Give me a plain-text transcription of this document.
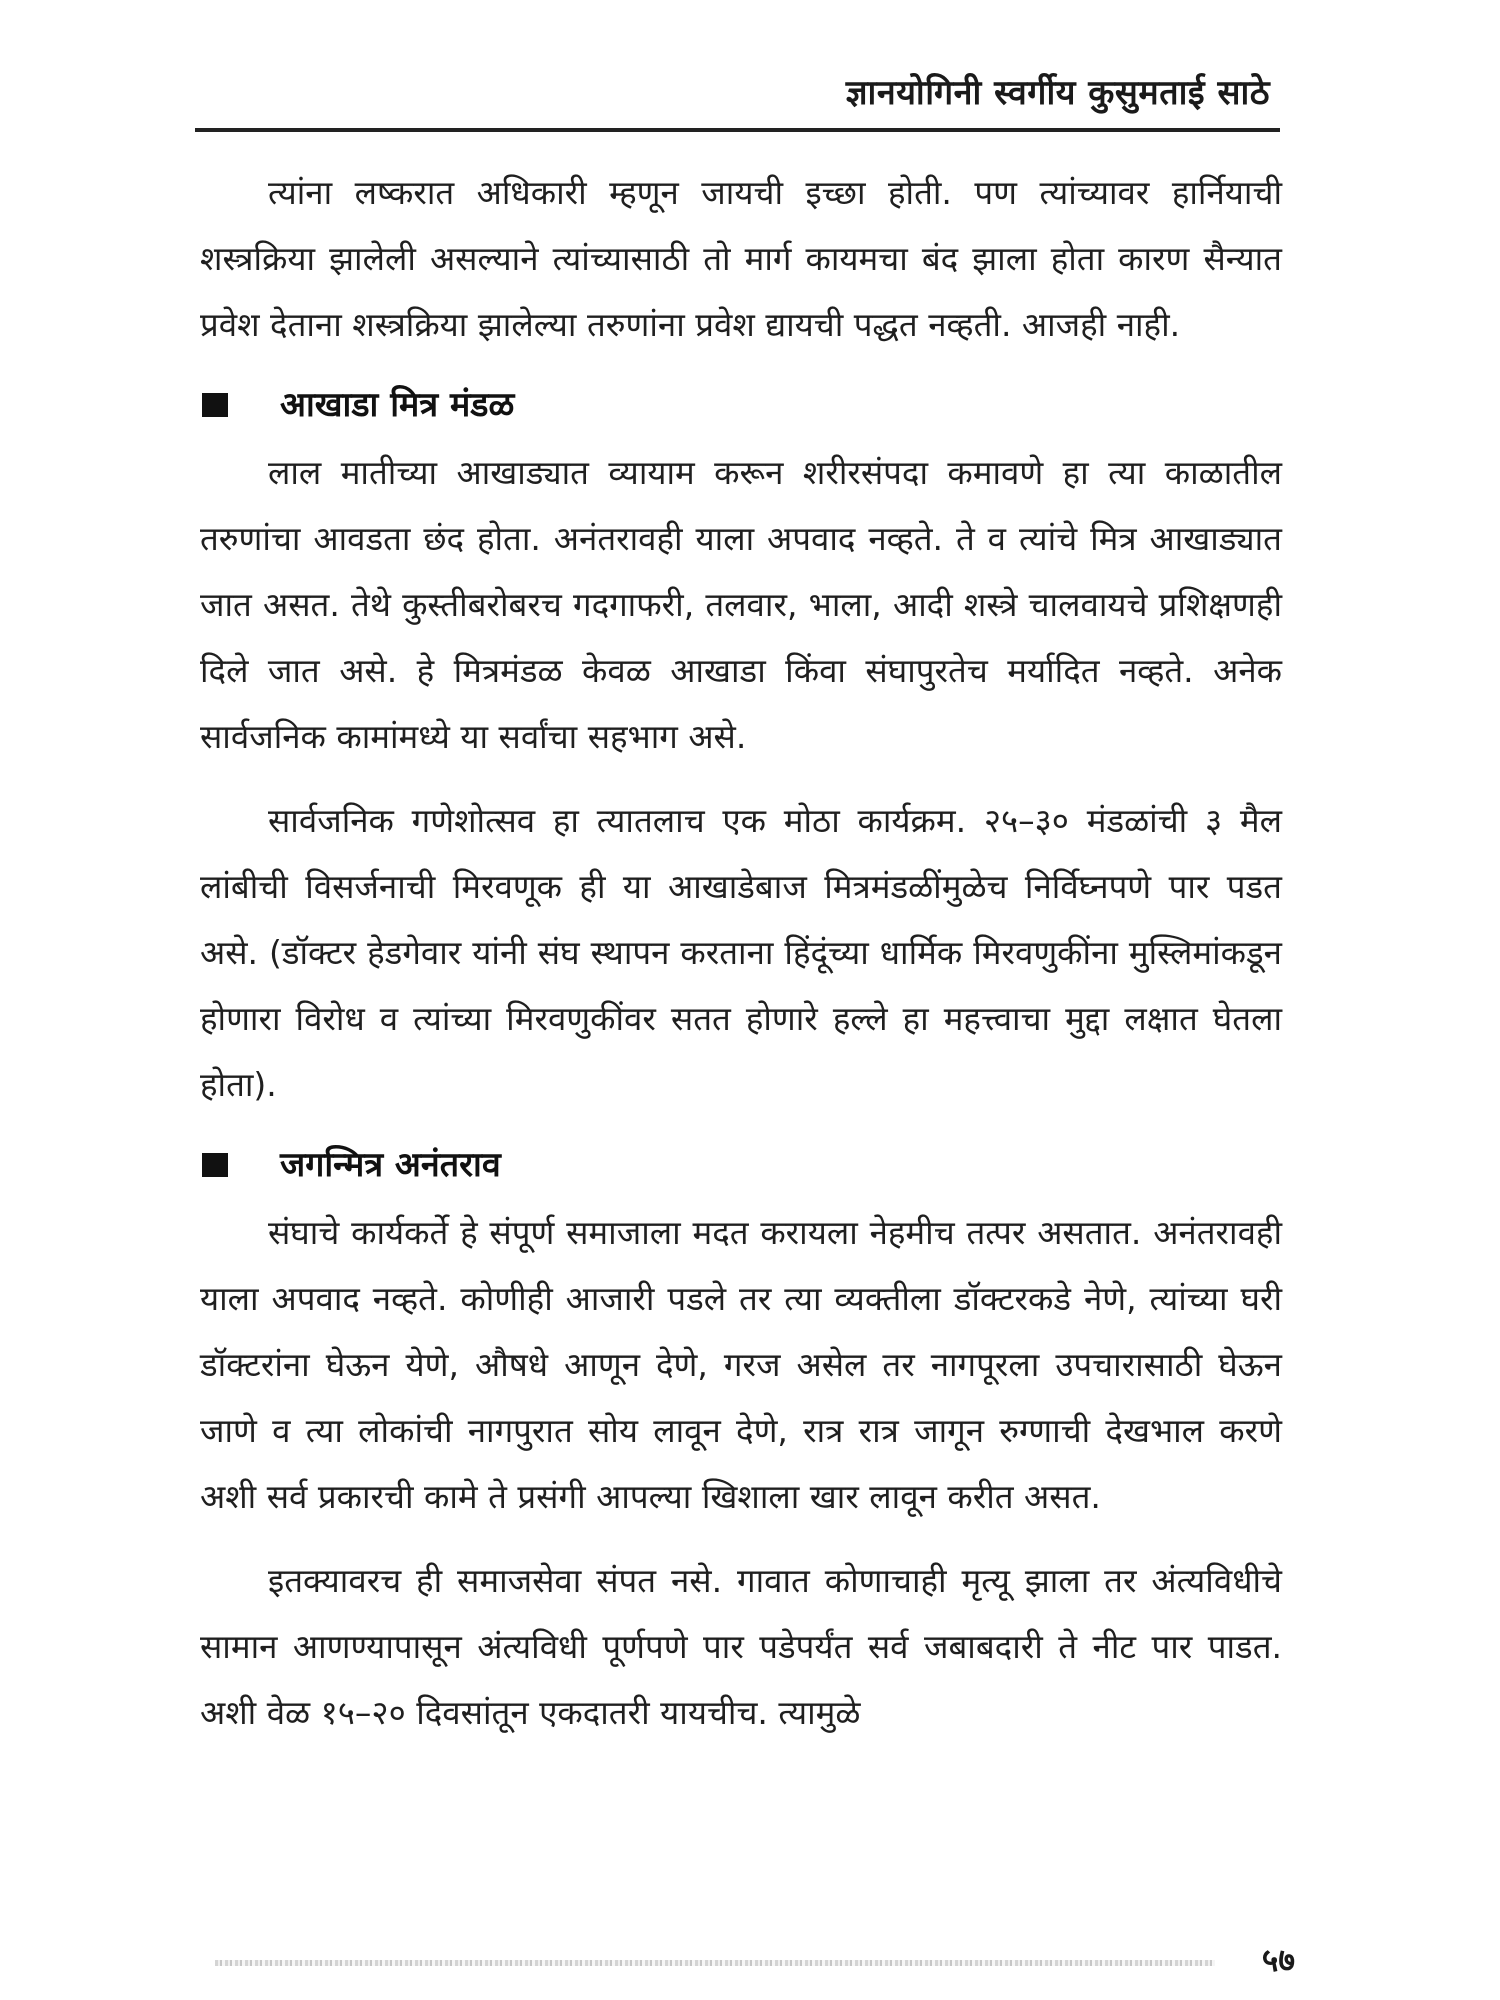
ज्ञानयोगिनी स्वर्गीय कुसुमताई साठे

त्यांना लष्करात अधिकारी म्हणून जायची इच्छा होती. पण त्यांच्यावर हार्नियाची शस्त्रक्रिया झालेली असल्याने त्यांच्यासाठी तो मार्ग कायमचा बंद झाला होता कारण सैन्यात प्रवेश देताना शस्त्रक्रिया झालेल्या तरुणांना प्रवेश द्यायची पद्धत नव्हती. आजही नाही.

आखाडा मित्र मंडळ

लाल मातीच्या आखाड्यात व्यायाम करून शरीरसंपदा कमावणे हा त्या काळातील तरुणांचा आवडता छंद होता. अनंतरावही याला अपवाद नव्हते. ते व त्यांचे मित्र आखाड्यात जात असत. तेथे कुस्तीबरोबरच गदगाफरी, तलवार, भाला, आदी शस्त्रे चालवायचे प्रशिक्षणही दिले जात असे. हे मित्रमंडळ केवळ आखाडा किंवा संघापुरतेच मर्यादित नव्हते. अनेक सार्वजनिक कामांमध्ये या सर्वांचा सहभाग असे.

सार्वजनिक गणेशोत्सव हा त्यातलाच एक मोठा कार्यक्रम. २५–३० मंडळांची ३ मैल लांबीची विसर्जनाची मिरवणूक ही या आखाडेबाज मित्रमंडळींमुळेच निर्विघ्नपणे पार पडत असे. (डॉक्टर हेडगेवार यांनी संघ स्थापन करताना हिंदूंच्या धार्मिक मिरवणुकींना मुस्लिमांकडून होणारा विरोध व त्यांच्या मिरवणुकींवर सतत होणारे हल्ले हा महत्त्वाचा मुद्दा लक्षात घेतला होता).

जगन्मित्र अनंतराव

संघाचे कार्यकर्ते हे संपूर्ण समाजाला मदत करायला नेहमीच तत्पर असतात. अनंतरावही याला अपवाद नव्हते. कोणीही आजारी पडले तर त्या व्यक्तीला डॉक्टरकडे नेणे, त्यांच्या घरी डॉक्टरांना घेऊन येणे, औषधे आणून देणे, गरज असेल तर नागपूरला उपचारासाठी घेऊन जाणे व त्या लोकांची नागपुरात सोय लावून देणे, रात्र रात्र जागून रुग्णाची देखभाल करणे अशी सर्व प्रकारची कामे ते प्रसंगी आपल्या खिशाला खार लावून करीत असत.

इतक्यावरच ही समाजसेवा संपत नसे. गावात कोणाचाही मृत्यू झाला तर अंत्यविधीचे सामान आणण्यापासून अंत्यविधी पूर्णपणे पार पडेपर्यंत सर्व जबाबदारी ते नीट पार पाडत. अशी वेळ १५–२० दिवसांतून एकदातरी यायचीच. त्यामुळे

५७
